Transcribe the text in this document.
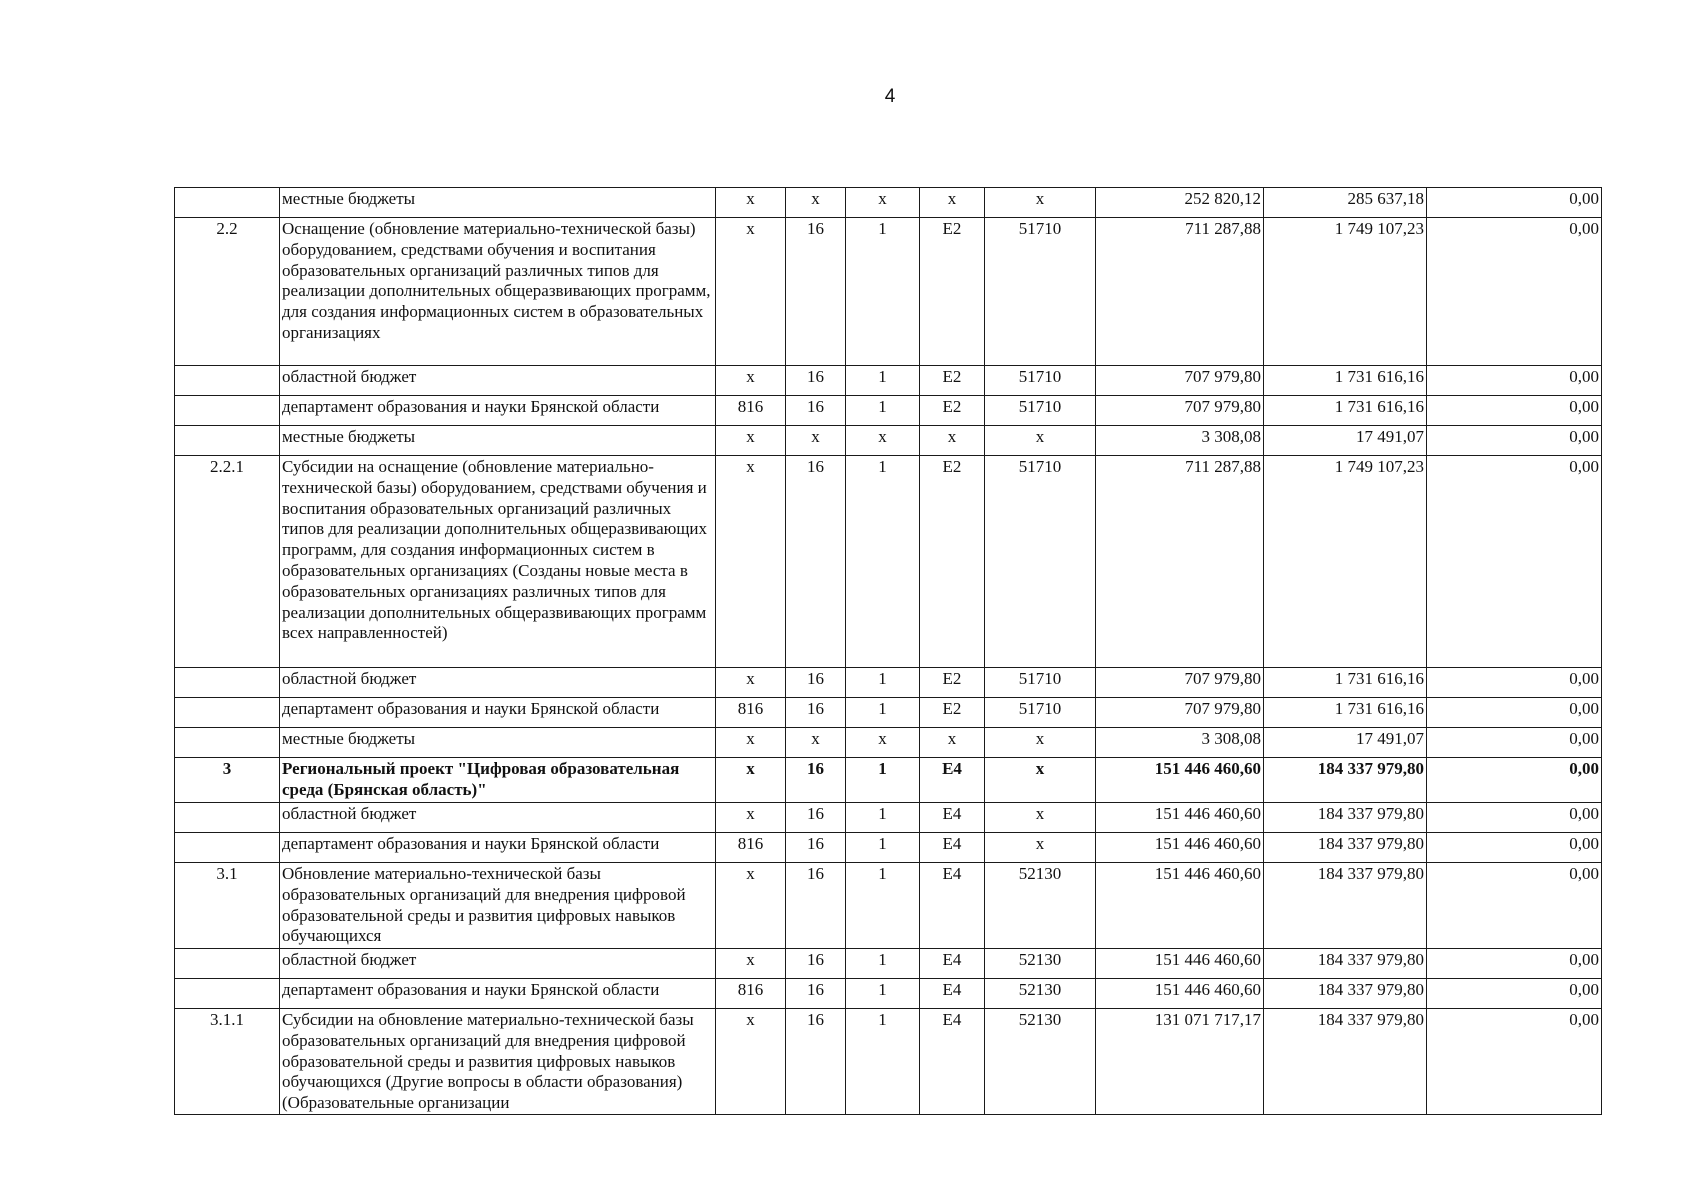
4
	местные бюджеты	x	x	x	x	x	252 820,12	285 637,18	0,00
2.2	Оснащение (обновление материально-технической базы) оборудованием, средствами обучения и воспитания образовательных организаций различных типов для реализации дополнительных общеразвивающих программ, для создания информационных систем в образовательных организациях	x	16	1	E2	51710	711 287,88	1 749 107,23	0,00
	областной бюджет	x	16	1	E2	51710	707 979,80	1 731 616,16	0,00
	департамент образования и науки Брянской области	816	16	1	E2	51710	707 979,80	1 731 616,16	0,00
	местные бюджеты	x	x	x	x	x	3 308,08	17 491,07	0,00
2.2.1	Субсидии на оснащение (обновление материально-технической базы) оборудованием, средствами обучения и воспитания образовательных организаций различных типов для реализации дополнительных общеразвивающих программ, для создания информационных систем в образовательных организациях (Созданы новые места в образовательных организациях различных типов для реализации дополнительных общеразвивающих программ всех направленностей)	x	16	1	E2	51710	711 287,88	1 749 107,23	0,00
	областной бюджет	x	16	1	E2	51710	707 979,80	1 731 616,16	0,00
	департамент образования и науки Брянской области	816	16	1	E2	51710	707 979,80	1 731 616,16	0,00
	местные бюджеты	x	x	x	x	x	3 308,08	17 491,07	0,00
3	Региональный проект "Цифровая образовательная среда (Брянская область)"	x	16	1	E4	x	151 446 460,60	184 337 979,80	0,00
	областной бюджет	x	16	1	E4	x	151 446 460,60	184 337 979,80	0,00
	департамент образования и науки Брянской области	816	16	1	E4	x	151 446 460,60	184 337 979,80	0,00
3.1	Обновление материально-технической базы образовательных организаций для внедрения цифровой образовательной среды и развития цифровых навыков обучающихся	x	16	1	E4	52130	151 446 460,60	184 337 979,80	0,00
	областной бюджет	x	16	1	E4	52130	151 446 460,60	184 337 979,80	0,00
	департамент образования и науки Брянской области	816	16	1	E4	52130	151 446 460,60	184 337 979,80	0,00
3.1.1	Субсидии на обновление материально-технической базы образовательных организаций для внедрения цифровой образовательной среды и развития цифровых навыков обучающихся (Другие вопросы в области образования) (Образовательные организации	x	16	1	E4	52130	131 071 717,17	184 337 979,80	0,00
